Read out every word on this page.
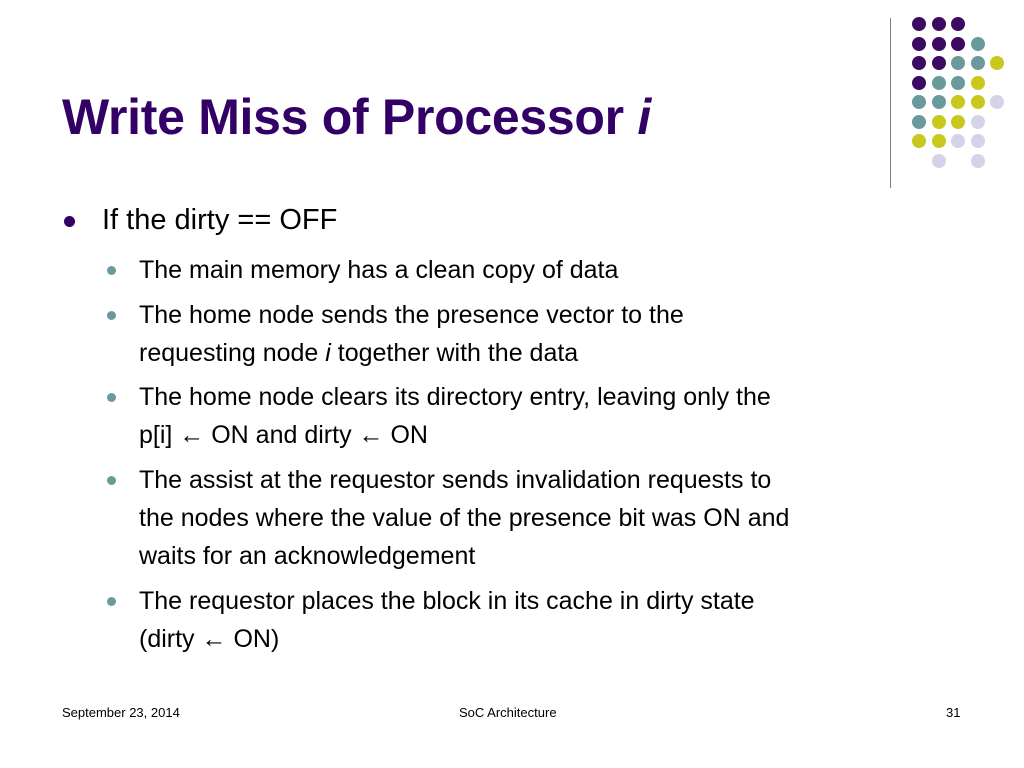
Write Miss of Processor i
If the dirty == OFF
The main memory has a clean copy of data
The home node sends the presence vector to the
requesting node i together with the data
The home node clears its directory entry, leaving only the
p[i] ← ON and dirty ← ON
The assist at the requestor sends invalidation requests to
the nodes where the value of the presence bit was ON and
waits for an acknowledgement
The requestor places the block in its cache in dirty state
(dirty ← ON)
September 23, 2014	SoC Architecture	31
